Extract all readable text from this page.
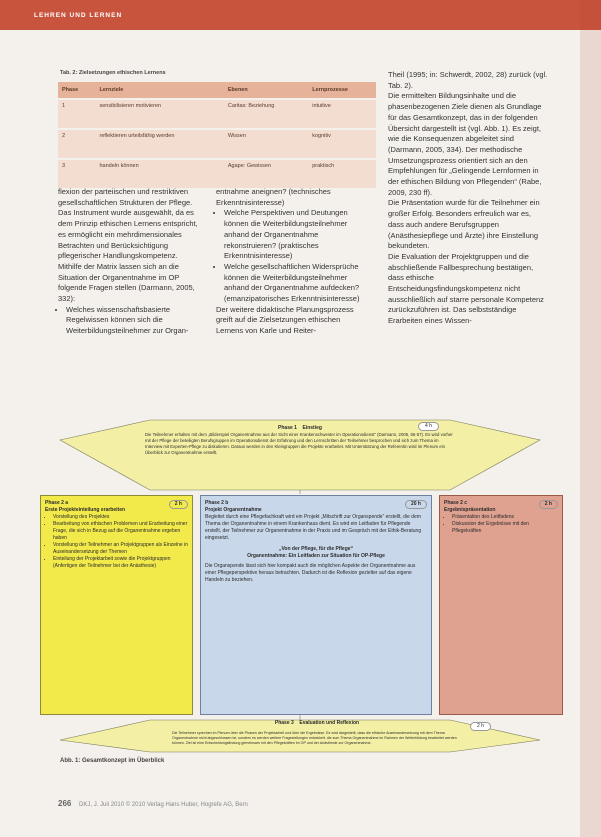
LEHREN UND LERNEN
Tab. 2: Zielsetzungen ethischen Lernens
Phase	Lernziele	Ebenen	Lernprozesse
1	sensibilisieren motivieren	Caritas: Beziehung	intuitive
2	reflektieren urteilsfähig werden	Wissen	kognitiv
3	handeln können	Agape: Gewissen	praktisch

flexion der parteiischen und restriktiven gesellschaftlichen Strukturen der Pflege.

Das Instrument wurde ausgewählt, da es dem Prinzip ethischen Lernens entspricht, es ermöglicht ein mehrdimensionales Betrachten und Berücksichtigung pflegerischer Handlungskompetenz.

Mithilfe der Matrix lassen sich an die Situation der Organentnahme im OP folgende Fragen stellen (Darmann, 2005, 332):

• Welches wissenschaftsbasierte Regelwissen können sich die Weiterbildungsteilnehmer zur Organ-

entnahme aneignen? (technisches Erkenntnisinteresse)

• Welche Perspektiven und Deutungen können die Weiterbildungsteilnehmer anhand der Organentnahme rekonstruieren? (praktisches Erkenntnisinteresse)
• Welche gesellschaftlichen Widersprüche können die Weiterbildungsteilnehmer anhand der Organentnahme aufdecken? (emanzipatorisches Erkenntnisinteresse)

Der weitere didaktische Planungsprozess greift auf die Zielsetzungen ethischen Lernens von Karle und Reiter-

Theil (1995; in: Schwerdt, 2002, 28) zurück (vgl. Tab. 2).

Die ermittelten Bildungsinhalte und die phasenbezogenen Ziele dienen als Grundlage für das Gesamtkonzept, das in der folgenden Übersicht dargestellt ist (vgl. Abb. 1). Es zeigt, wie die Konsequenzen abgeleitet sind (Darmann, 2005, 334). Der methodische Umsetzungsprozess orientiert sich an den Empfehlungen für „Gelingende Lernformen in der ethischen Bildung von Pflegenden“ (Rabe, 2009, 230 ff).

Die Präsentation wurde für die Teilnehmer ein großer Erfolg. Besonders erfreulich war es, dass auch andere Berufsgruppen (Anästhesiepflege und Ärzte) ihre Einstellung bekundeten.

Die Evaluation der Projektgruppen und die abschließende Fallbesprechung bestätigen, dass ethische Entscheidungsfindungskompetenz nicht ausschließlich auf starre personale Kompetenz zurückzuführen ist. Das selbstständige Erarbeiten eines Wissen-

Phase 2 a	2 h
Erste Projekteinteilung erarbeiten
• Vorstellung des Projektes
• Bearbeitung von ethischen Problemen und Erarbeitung einer Frage, die sich in Bezug auf die Organentnahme ergeben haben
• Vorstellung der Teilnehmer an Projektgruppen als Einzelne in Auseinandersetzung der Themen
• Einteilung der Projektarbeit sowie die Projektgruppen (Anfertigen der Teilnehmer bei der Anästhesie)
Phase 2 b	20 h
Projekt Organentnahme
Begleitet durch eine Pflegefachkraft wird ein Projekt „Mitschrift zur Organspende“ erstellt, die dem Thema der Organentnahme in einem Krankenhaus dient. Es wird ein Leitfaden für Pflegende erstellt, der Teilnehmer zur Organentnahme in der Praxis und im Gespräch mit der Ethik-Beratung eingesetzt.
„Von der Pflege, für die Pflege“
Organentnahme: Ein Leitfaden zur Situation für OP-Pflege
Die Organspende lässt sich hier kompakt auch die möglichen Aspekte der Organentnahme aus einer Pflegeperspektive heraus betrachten. Dadurch ist die Reflexion gezielter auf das eigene Handeln zu beziehen.
Phase 2 c	2 h
Ergebnispräsentation
• Präsentation des Leitfadens
• Diskussion der Ergebnisse mit den Pflegekräften
Phase 1 Einstieg
Die Teilnehmer erhalten mit dem „Bilderspiel Organentnahme aus der Sicht einer Krankenschwester im Operationsdienst“ (Darmann, 2005, 55-57). Es wird vorher mit der Pflege der beteiligten Berufsgruppen im Operationsdienst der Erfahrung und den Lernschritten der Teilnehmer besprochen und sich zum Thema im Interview mit Experten-Pflege zu diskutieren. Daraus werden in den Kleingruppen die Projekte erarbeitet. Mit Unterstützung der Referentin wird im Plenum ein Überblick zur Organentnahme erstellt.
4 h
Phase 3 Evaluation und Reflexion	2 h
Die Teilnehmer sprechen im Plenum über die Phasen der Projektarbeit und über die Ergebnisse. Es wird dargestellt, dass die ethische Auseinandersetzung mit dem Thema Organentnahme nicht abgeschlossen ist, sondern es werden weitere Fragestellungen entwickelt, die zum Thema Organentnahme im Rahmen der Weiterbildung bearbeitet werden können. Ziel ist eine Entscheidungsfindung gemeinsam mit den Pflegekräften im OP und der Anästhesie zur Organentnahme.
Abb. 1: Gesamtkonzept im Überblick
266 DKJ, J. Juli 2010 © 2010 Verlag Hans Huber, Hogrefe AG, Bern
